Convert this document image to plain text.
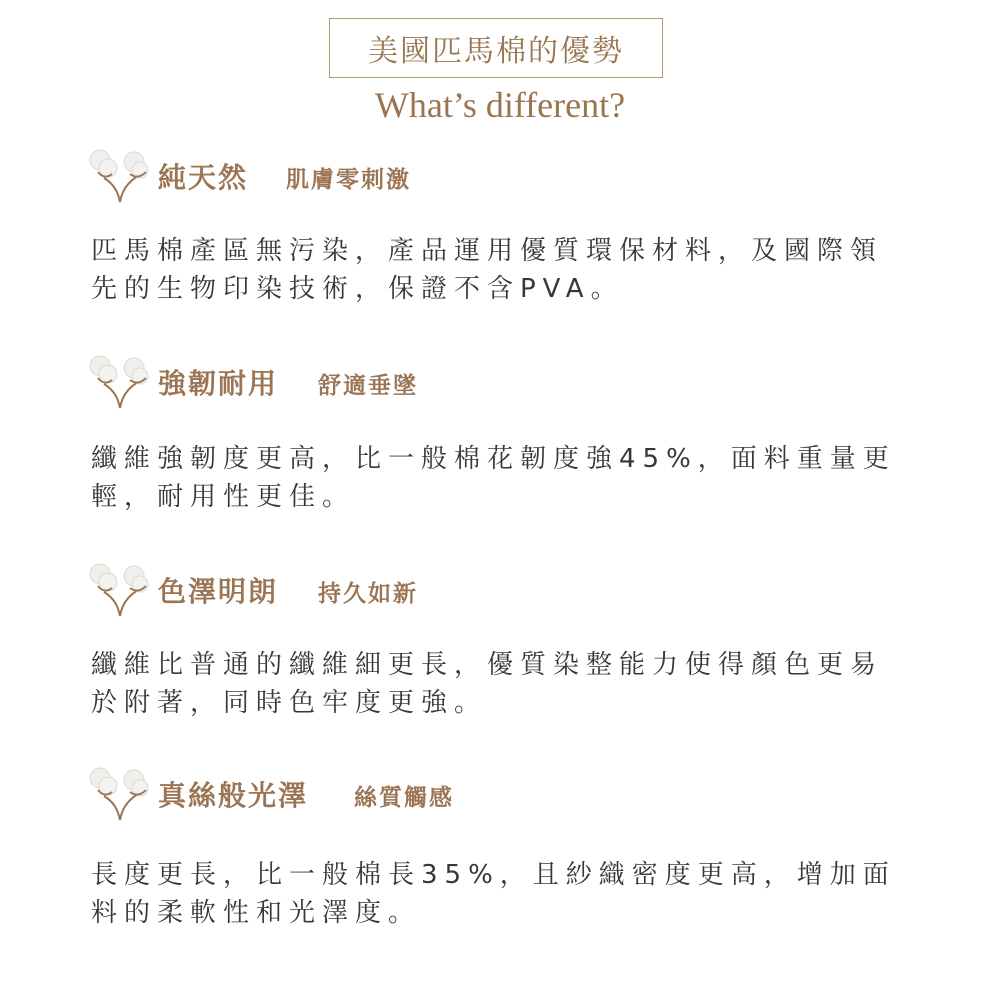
美國匹馬棉的優勢
What’s different?
純天然 肌膚零刺激
匹馬棉產區無污染，產品運用優質環保材料，及國際領先的生物印染技術，保證不含PVA。
強韌耐用 舒適垂墜
纖維強韌度更高，比一般棉花韌度強45%，面料重量更輕，耐用性更佳。
色澤明朗 持久如新
纖維比普通的纖維細更長，優質染整能力使得顏色更易於附著，同時色牢度更強。
真絲般光澤 絲質觸感
長度更長，比一般棉長35%，且紗織密度更高，增加面料的柔軟性和光澤度。
